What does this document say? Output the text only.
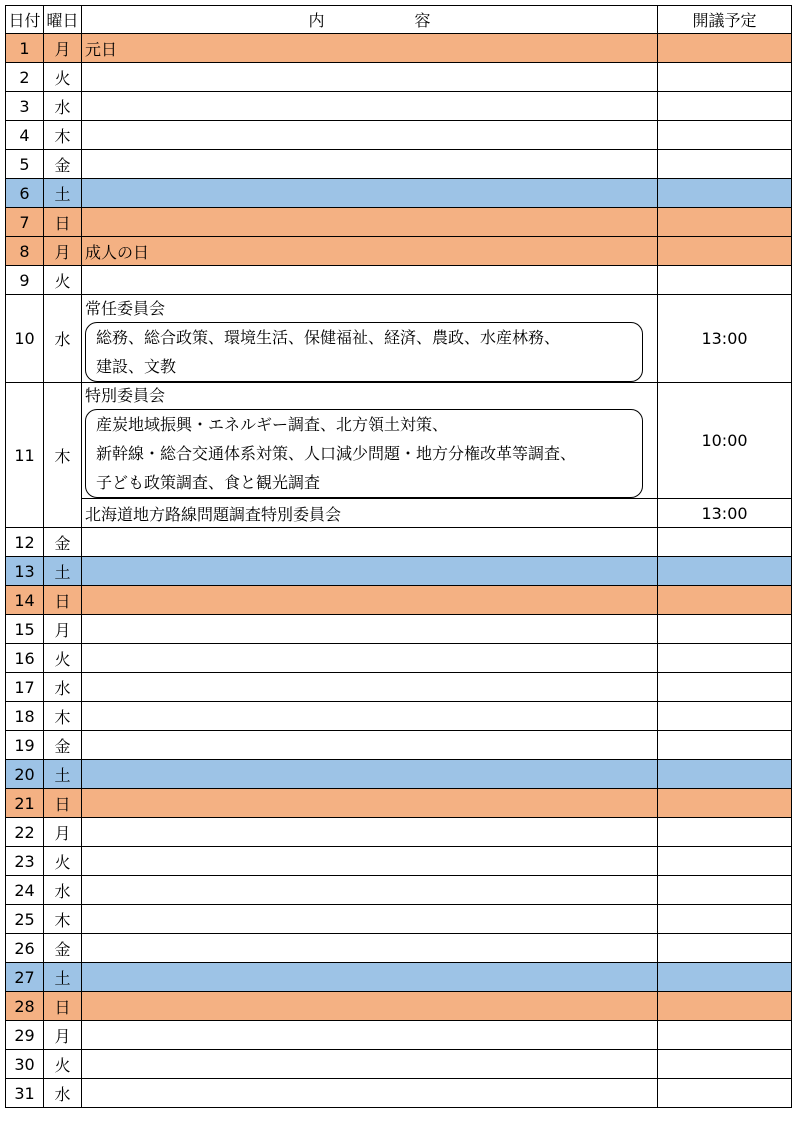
日付	曜日	内 容	開議予定
1	月	元日	
2	火		
3	水		
4	木		
5	金		
6	土		
7	日		
8	月	成人の日	
9	火		
10	水	常任委員会
総務、総合政策、環境生活、保健福祉、経済、農政、水産林務、
建設、文教	13:00
11	木	特別委員会
産炭地域振興・エネルギー調査、北方領土対策、
新幹線・総合交通体系対策、人口減少問題・地方分権改革等調査、
子ども政策調査、食と観光調査	10:00
		北海道地方路線問題調査特別委員会	13:00
12	金		
13	土		
14	日		
15	月		
16	火		
17	水		
18	木		
19	金		
20	土		
21	日		
22	月		
23	火		
24	水		
25	木		
26	金		
27	土		
28	日		
29	月		
30	火		
31	水		
